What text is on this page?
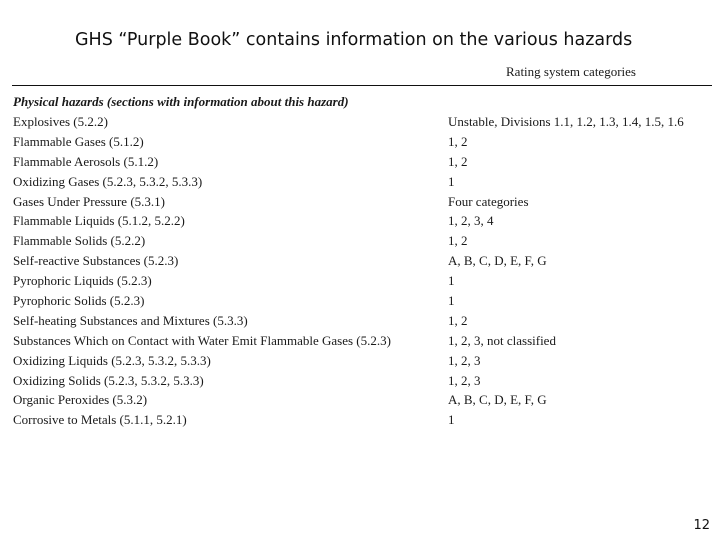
GHS “Purple Book” contains information on the various hazards
Rating system categories
Physical hazards (sections with information about this hazard)
Explosives (5.2.2)	Unstable, Divisions 1.1, 1.2, 1.3, 1.4, 1.5, 1.6
Flammable Gases (5.1.2)	1, 2
Flammable Aerosols (5.1.2)	1, 2
Oxidizing Gases (5.2.3, 5.3.2, 5.3.3)	1
Gases Under Pressure (5.3.1)	Four categories
Flammable Liquids (5.1.2, 5.2.2)	1, 2, 3, 4
Flammable Solids (5.2.2)	1, 2
Self-reactive Substances (5.2.3)	A, B, C, D, E, F, G
Pyrophoric Liquids (5.2.3)	1
Pyrophoric Solids (5.2.3)	1
Self-heating Substances and Mixtures (5.3.3)	1, 2
Substances Which on Contact with Water Emit Flammable Gases (5.2.3)	1, 2, 3, not classified
Oxidizing Liquids (5.2.3, 5.3.2, 5.3.3)	1, 2, 3
Oxidizing Solids (5.2.3, 5.3.2, 5.3.3)	1, 2, 3
Organic Peroxides (5.3.2)	A, B, C, D, E, F, G
Corrosive to Metals (5.1.1, 5.2.1)	1
12
